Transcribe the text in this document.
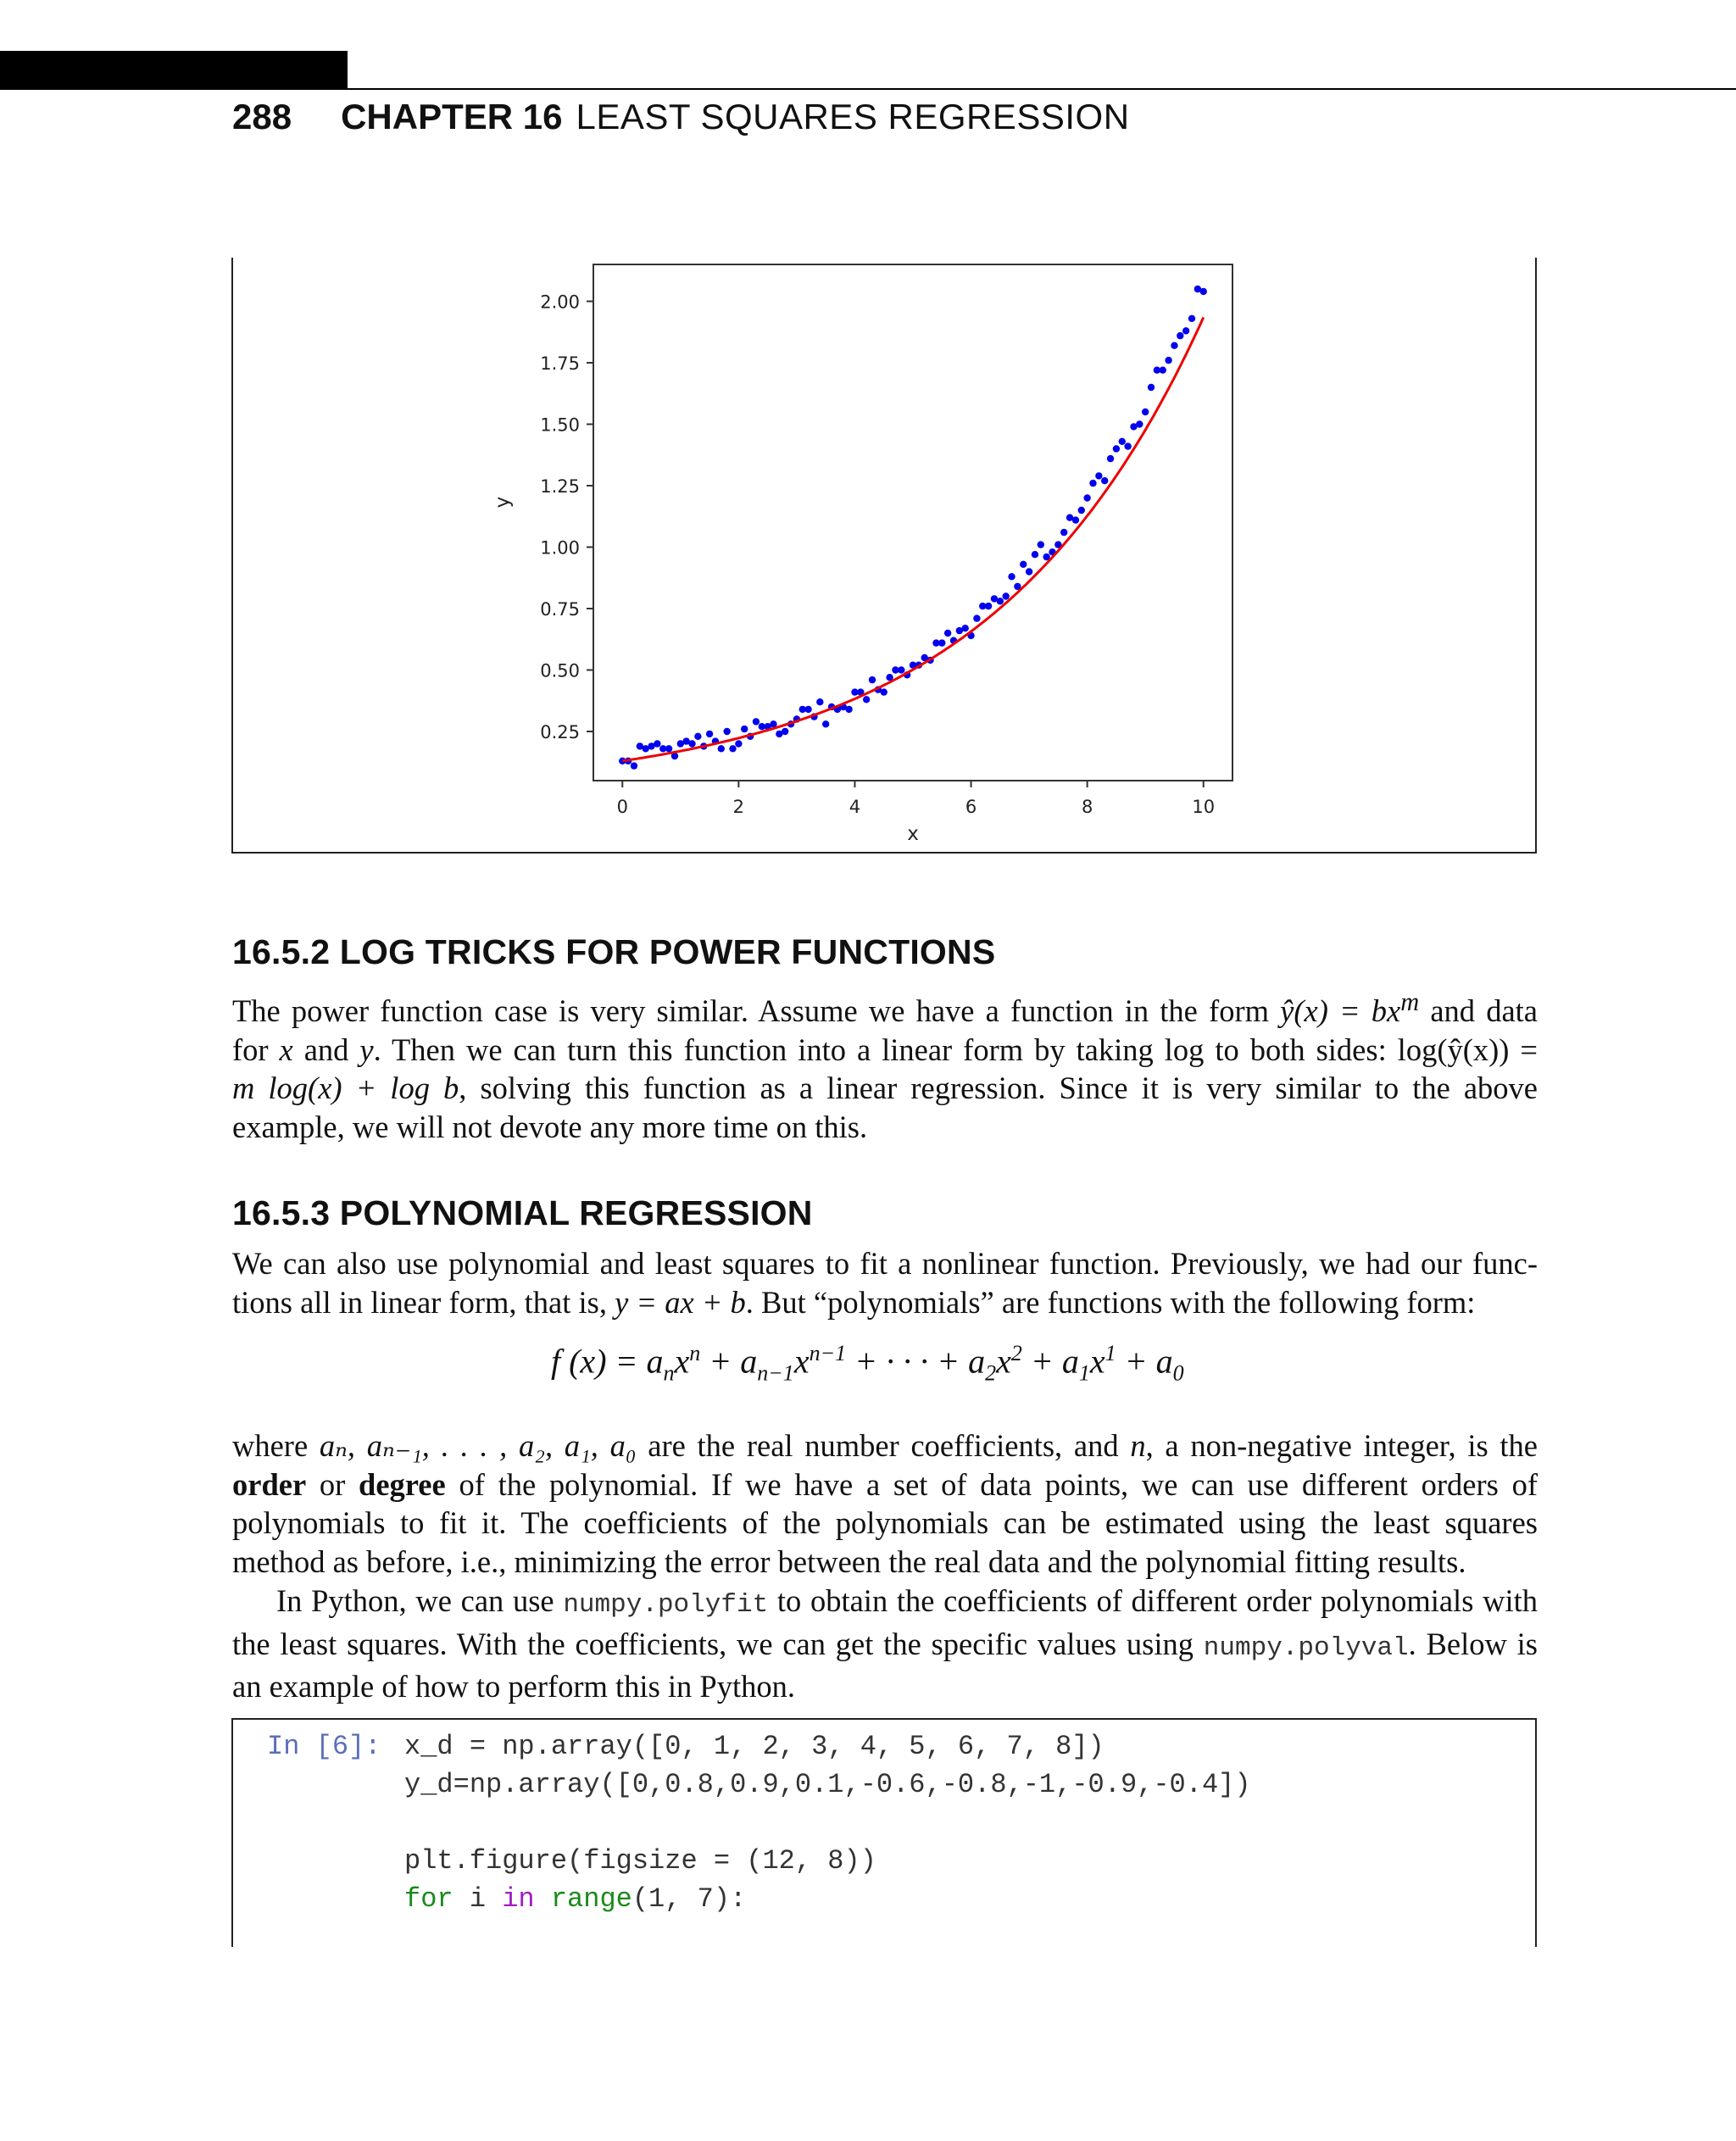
288 CHAPTER 16 LEAST SQUARES REGRESSION
0	2	4	6	8	10
0.25
0.50
0.75
1.00
1.25
1.50
1.75
2.00
x
y
16.5.2 LOG TRICKS FOR POWER FUNCTIONS
The power function case is very similar. Assume we have a function in the form ŷ(x) = $bx^m$ and data
for x and y. Then we can turn this function into a linear form by taking log to both sides: log(ŷ(x)) =
m log(x) + log b, solving this function as a linear regression. Since it is very similar to the above
example, we will not devote any more time on this.
16.5.3 POLYNOMIAL REGRESSION
We can also use polynomial and least squares to fit a nonlinear function. Previously, we had our func-
tions all in linear form, that is, y = ax + b. But “polynomials” are functions with the following form:
f $(x) = a_nx^n + a_{n-1}x^{n-1}$ + · · · + $a_2x^2 + a_1x^1 + a_0$
where aₙ, aₙ₋₁, . . . , a₂, a₁, a₀ are the real number coefficients, and n, a non-negative integer, is the
order or degree of the polynomial. If we have a set of data points, we can use different orders of
polynomials to fit it. The coefficients of the polynomials can be estimated using the least squares
method as before, i.e., minimizing the error between the real data and the polynomial fitting results.
In Python, we can use numpy.polyfit to obtain the coefficients of different order polynomials with
the least squares. With the coefficients, we can get the specific values using numpy.polyval. Below is
an example of how to perform this in Python.
In [6]: x_d = np.array([0, 1, 2, 3, 4, 5, 6, 7, 8])
y_d=np.array([0,0.8,0.9,0.1,-0.6,-0.8,-1,-0.9,-0.4])
plt.figure(figsize = (12, 8))
for i in range(1, 7):
